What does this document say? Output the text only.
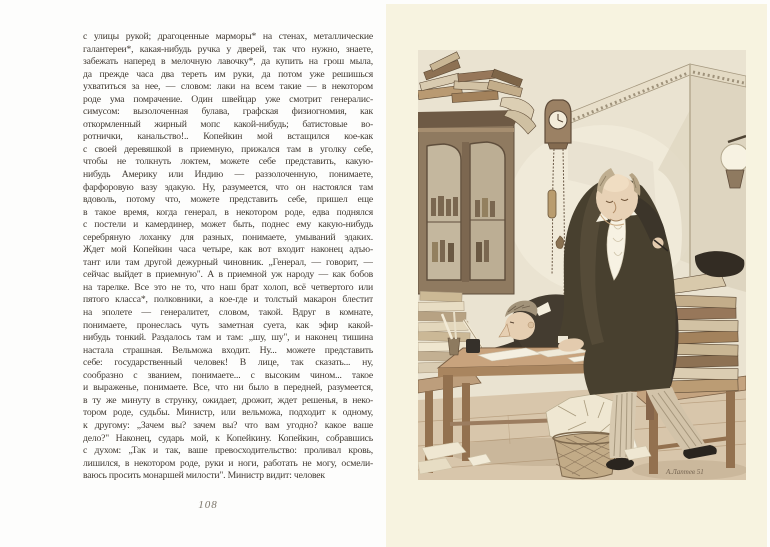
с улицы рукой; драгоценные марморы* на стенах, металлические
галантереи*, какая-нибудь ручка у дверей, так что нужно, знаете,
забежать наперед в мелочную лавочку*, да купить на грош мыла,
да прежде часа два тереть им руки, да потом уже решишься
ухватиться за нее, — словом: лаки на всем такие — в некотором
роде ума помрачение. Один швейцар уже смотрит генералис-
симусом: вызолоченная булава, графская физиогномия, как
откормленный жирный мопс какой-нибудь; батистовые во-
ротнички, канальство!.. Копейкин мой встащился кое-как
с своей деревяшкой в приемную, прижался там в уголку себе,
чтобы не толкнуть локтем, можете себе представить, какую-
нибудь Америку или Индию — раззолоченную, понимаете,
фарфоровую вазу эдакую. Ну, разумеется, что он настоялся там
вдоволь, потому что, можете представить себе, пришел еще
в такое время, когда генерал, в некотором роде, едва поднялся
с постели и камердинер, может быть, поднес ему какую-нибудь
серебряную лоханку для разных, понимаете, умываний эдаких.
Ждет мой Копейкин часа четыре, как вот входит наконец адъю-
тант или там другой дежурный чиновник. „Генерал, — говорит, —
сейчас выйдет в приемную". А в приемной уж народу — как бобов
на тарелке. Все это не то, что наш брат холоп, всё четвертого или
пятого класса*, полковники, а кое-где и толстый макарон блестит
на эполете — генералитет, словом, такой. Вдруг в комнате,
понимаете, пронеслась чуть заметная суета, как эфир какой-
нибудь тонкий. Раздалось там и там: „шу, шу", и наконец тишина
настала страшная. Вельможа входит. Ну... можете представить
себе: государственный человек! В лице, так сказать... ну,
сообразно с званием, понимаете... с высоким чином... такое
и выраженье, понимаете. Все, что ни было в передней, разумеется,
в ту же минуту в струнку, ожидает, дрожит, ждет решенья, в неко-
тором роде, судьбы. Министр, или вельможа, подходит к одному,
к другому: „Зачем вы? зачем вы? что вам угодно? какое ваше
дело?" Наконец, сударь мой, к Копейкину. Копейкин, собравшись
с духом: „Так и так, ваше превосходительство: проливал кровь,
лишился, в некотором роде, руки и ноги, работать не могу, осмели-
ваюсь просить монаршей милости". Министр видит: человек
108
А.Лаптев 51
